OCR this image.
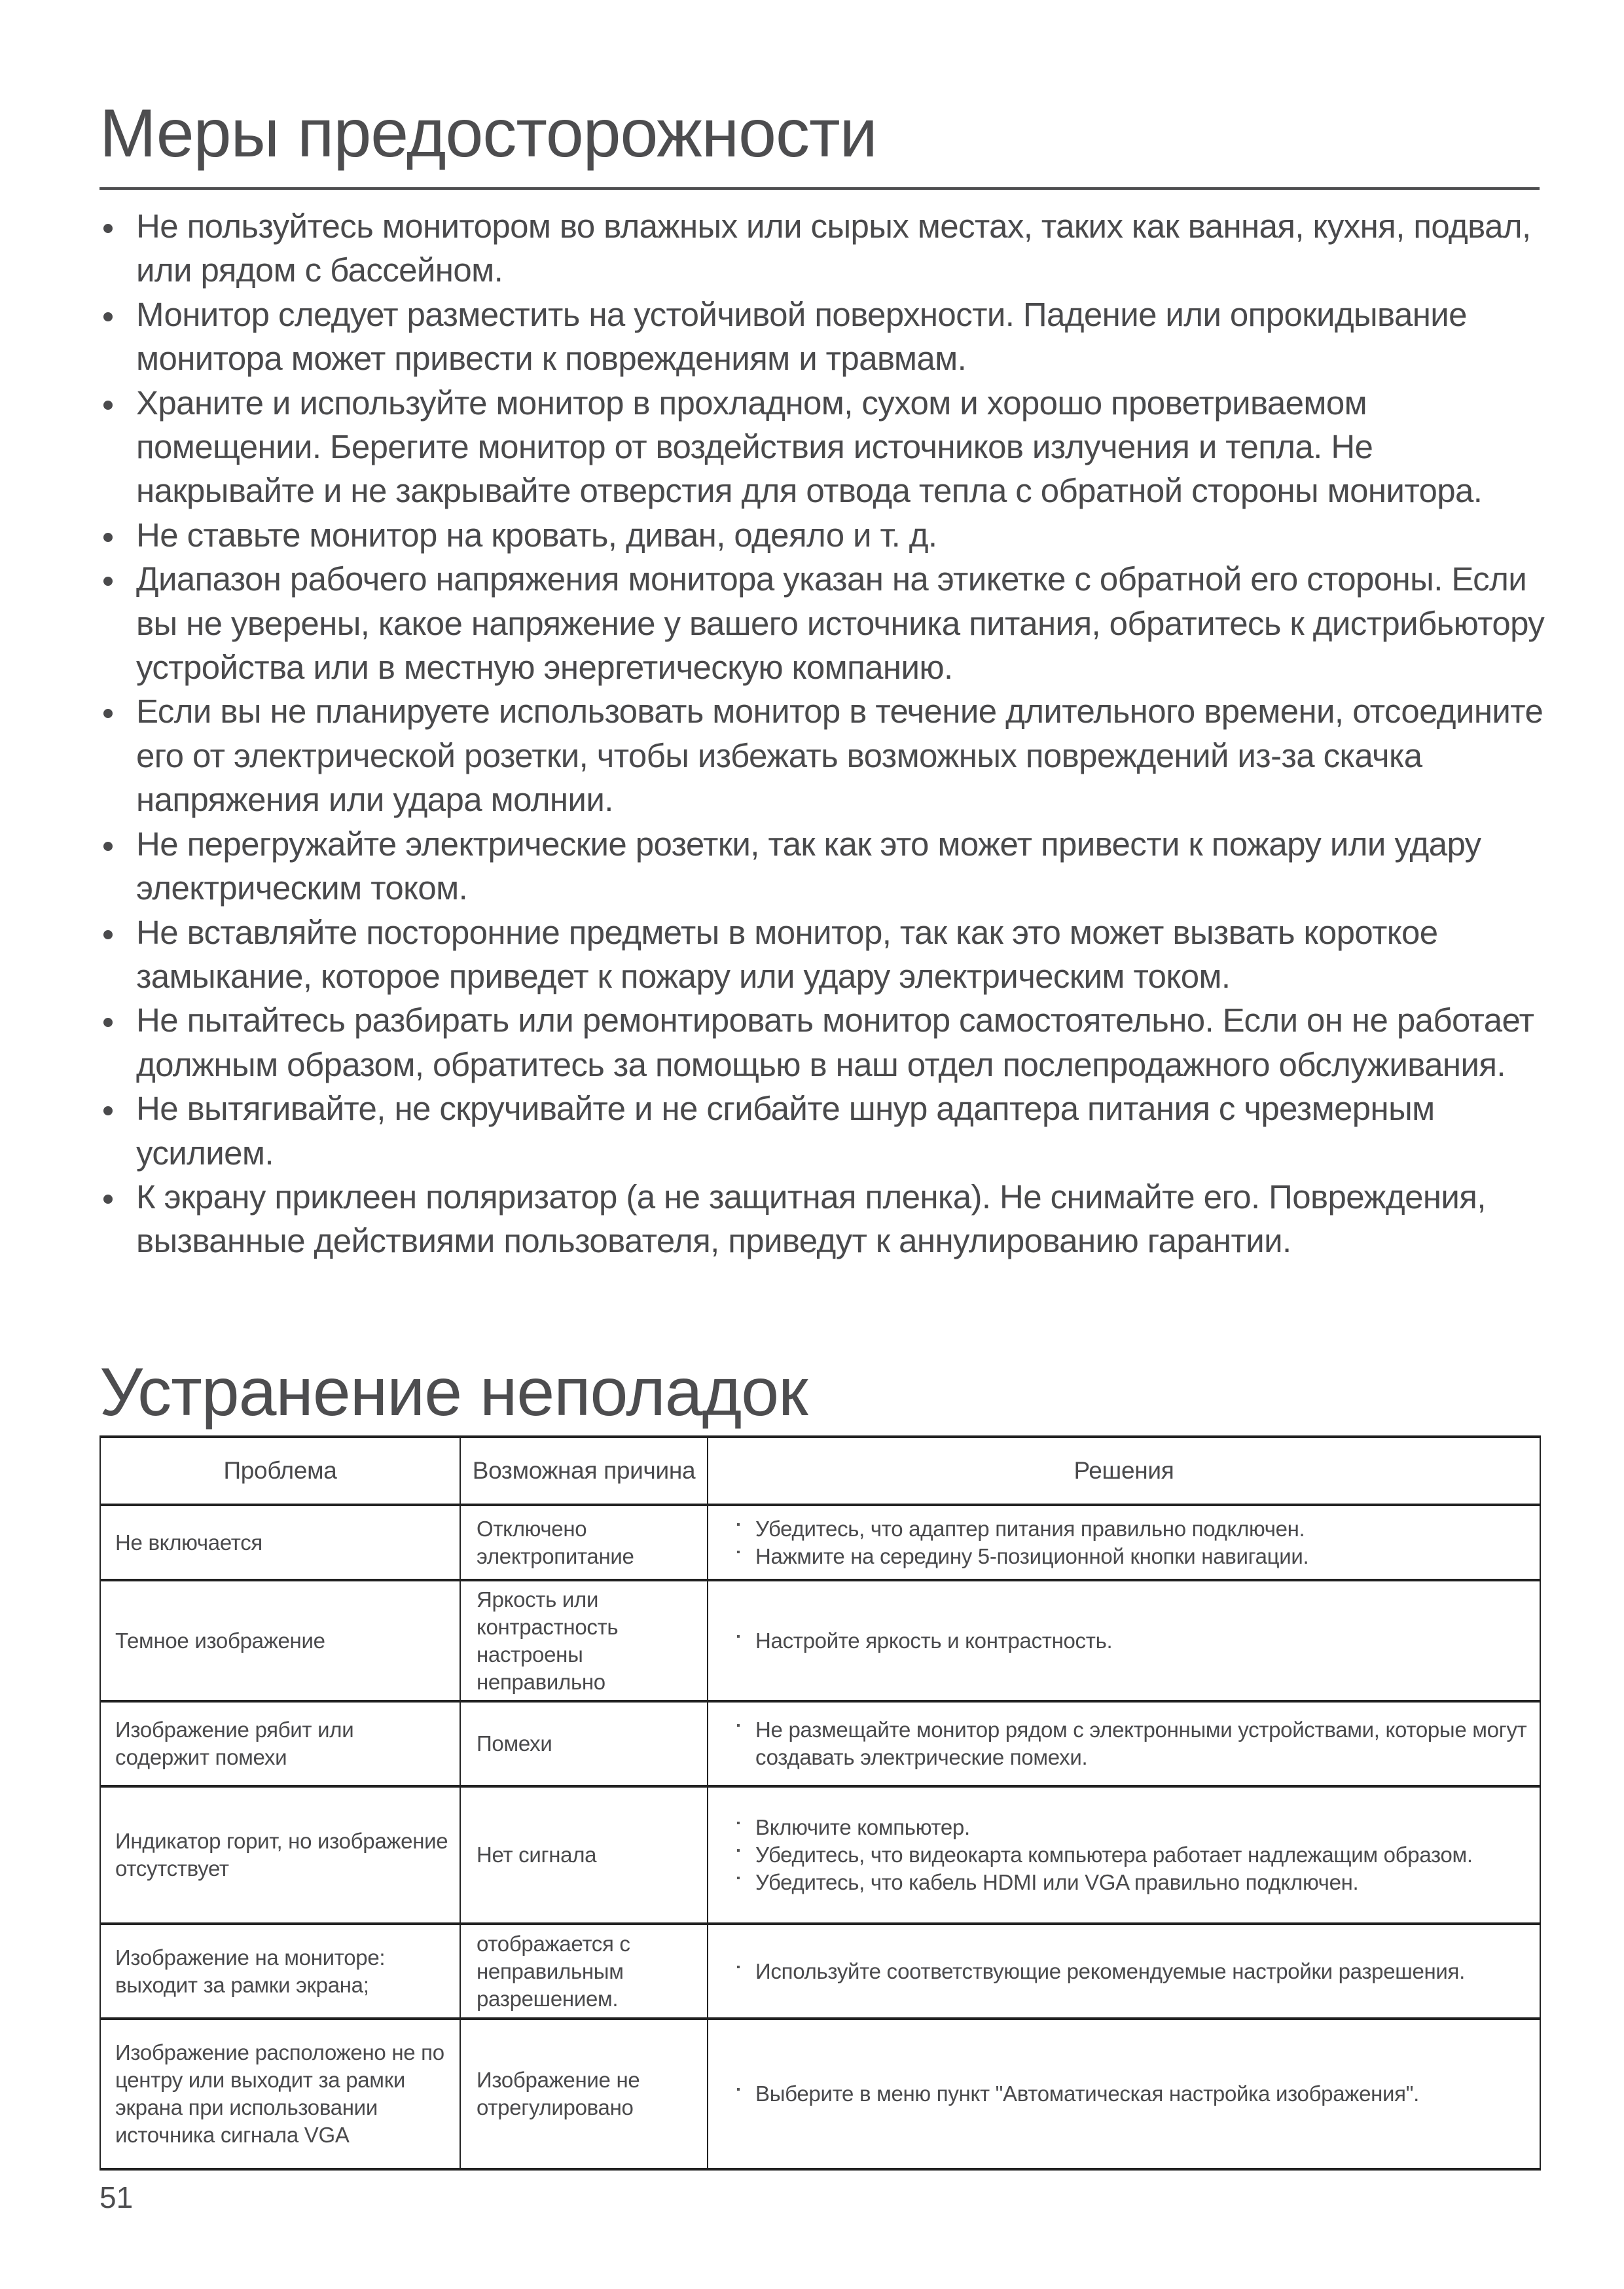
Меры предосторожности
Не пользуйтесь монитором во влажных или сырых местах, таких как ванная, кухня, подвал, или рядом с бассейном.
Монитор следует разместить на устойчивой поверхности. Падение или опрокидывание монитора может привести к повреждениям и травмам.
Храните и используйте монитор в прохладном, сухом и хорошо проветриваемом помещении. Берегите монитор от воздействия источников излучения и тепла. Не накрывайте и не закрывайте отверстия для отвода тепла с обратной стороны монитора.
Не ставьте монитор на кровать, диван, одеяло и т. д.
Диапазон рабочего напряжения монитора указан на этикетке с обратной его стороны. Если вы не уверены, какое напряжение у вашего источника питания, обратитесь к дистрибьютору устройства или в местную энергетическую компанию.
Если вы не планируете использовать монитор в течение длительного времени, отсоедините его от электрической розетки, чтобы избежать возможных повреждений из-за скачка напряжения или удара молнии.
Не перегружайте электрические розетки, так как это может привести к пожару или удару электрическим током.
Не вставляйте посторонние предметы в монитор, так как это может вызвать короткое замыкание, которое приведет к пожару или удару электрическим током.
Не пытайтесь разбирать или ремонтировать монитор самостоятельно. Если он не работает должным образом, обратитесь за помощью в наш отдел послепродажного обслуживания.
Не вытягивайте, не скручивайте и не сгибайте шнур адаптера питания с чрезмерным усилием.
К экрану приклеен поляризатор (а не защитная пленка). Не снимайте его. Повреждения, вызванные действиями пользователя, приведут к аннулированию гарантии.
Устранение неполадок
Проблема	Возможная причина	Решения
Не включается	Отключено электропитание	
Убедитесь, что адаптер питания правильно подключен.
Нажмите на середину 5-позиционной кнопки навигации.

Темное изображение	Яркость или контрастность настроены неправильно	
Настройте яркость и контрастность.

Изображение рябит или содержит помехи	Помехи	
Не размещайте монитор рядом с электронными устройствами, которые могут создавать электрические помехи.

Индикатор горит, но изображение отсутствует	Нет сигнала	
Включите компьютер.
Убедитесь, что видеокарта компьютера работает надлежащим образом.
Убедитесь, что кабель HDMI или VGA правильно подключен.

Изображение на мониторе: выходит за рамки экрана;	отображается с неправильным разрешением.	
Используйте соответствующие рекомендуемые настройки разрешения.

Изображение расположено не по центру или выходит за рамки экрана при использовании источника сигнала VGA	Изображение не отрегулировано	
Выберите в меню пункт "Автоматическая настройка изображения".
51
